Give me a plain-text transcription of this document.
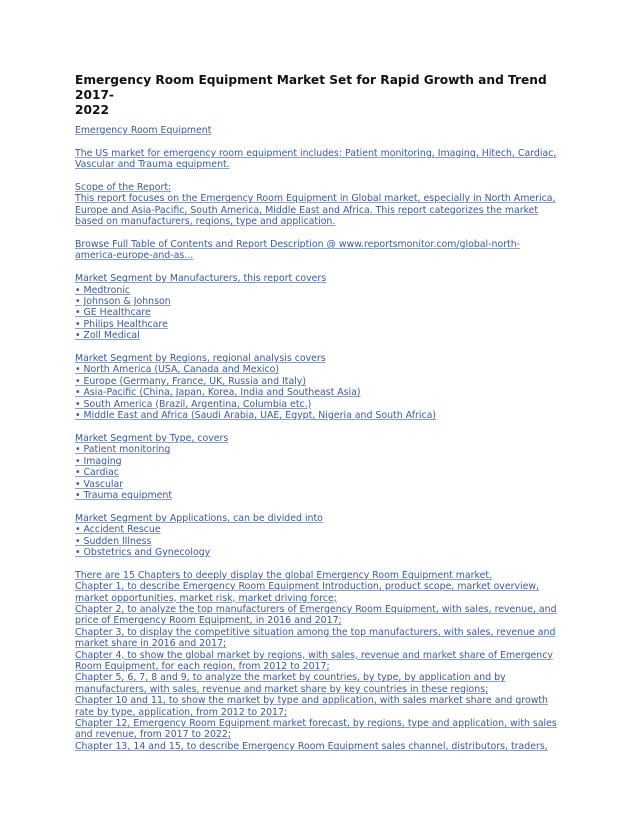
Emergency Room Equipment Market Set for Rapid Growth and Trend 2017-
2022
Emergency Room Equipment
The US market for emergency room equipment includes: Patient monitoring, Imaging, Hitech, Cardiac,
Vascular and Trauma equipment.
Scope of the Report:
This report focuses on the Emergency Room Equipment in Global market, especially in North America,
Europe and Asia-Pacific, South America, Middle East and Africa. This report categorizes the market
based on manufacturers, regions, type and application.
Browse Full Table of Contents and Report Description @ www.reportsmonitor.com/global-north-
america-europe-and-as...
Market Segment by Manufacturers, this report covers
• Medtronic
• Johnson & Johnson
• GE Healthcare
• Philips Healthcare
• Zoll Medical
Market Segment by Regions, regional analysis covers
• North America (USA, Canada and Mexico)
• Europe (Germany, France, UK, Russia and Italy)
• Asia-Pacific (China, Japan, Korea, India and Southeast Asia)
• South America (Brazil, Argentina, Columbia etc.)
• Middle East and Africa (Saudi Arabia, UAE, Egypt, Nigeria and South Africa)
Market Segment by Type, covers
• Patient monitoring
• Imaging
• Cardiac
• Vascular
• Trauma equipment
Market Segment by Applications, can be divided into
• Accident Rescue
• Sudden Illness
• Obstetrics and Gynecology
There are 15 Chapters to deeply display the global Emergency Room Equipment market.
Chapter 1, to describe Emergency Room Equipment Introduction, product scope, market overview,
market opportunities, market risk, market driving force;
Chapter 2, to analyze the top manufacturers of Emergency Room Equipment, with sales, revenue, and
price of Emergency Room Equipment, in 2016 and 2017;
Chapter 3, to display the competitive situation among the top manufacturers, with sales, revenue and
market share in 2016 and 2017;
Chapter 4, to show the global market by regions, with sales, revenue and market share of Emergency
Room Equipment, for each region, from 2012 to 2017;
Chapter 5, 6, 7, 8 and 9, to analyze the market by countries, by type, by application and by
manufacturers, with sales, revenue and market share by key countries in these regions;
Chapter 10 and 11, to show the market by type and application, with sales market share and growth
rate by type, application, from 2012 to 2017;
Chapter 12, Emergency Room Equipment market forecast, by regions, type and application, with sales
and revenue, from 2017 to 2022;
Chapter 13, 14 and 15, to describe Emergency Room Equipment sales channel, distributors, traders,
